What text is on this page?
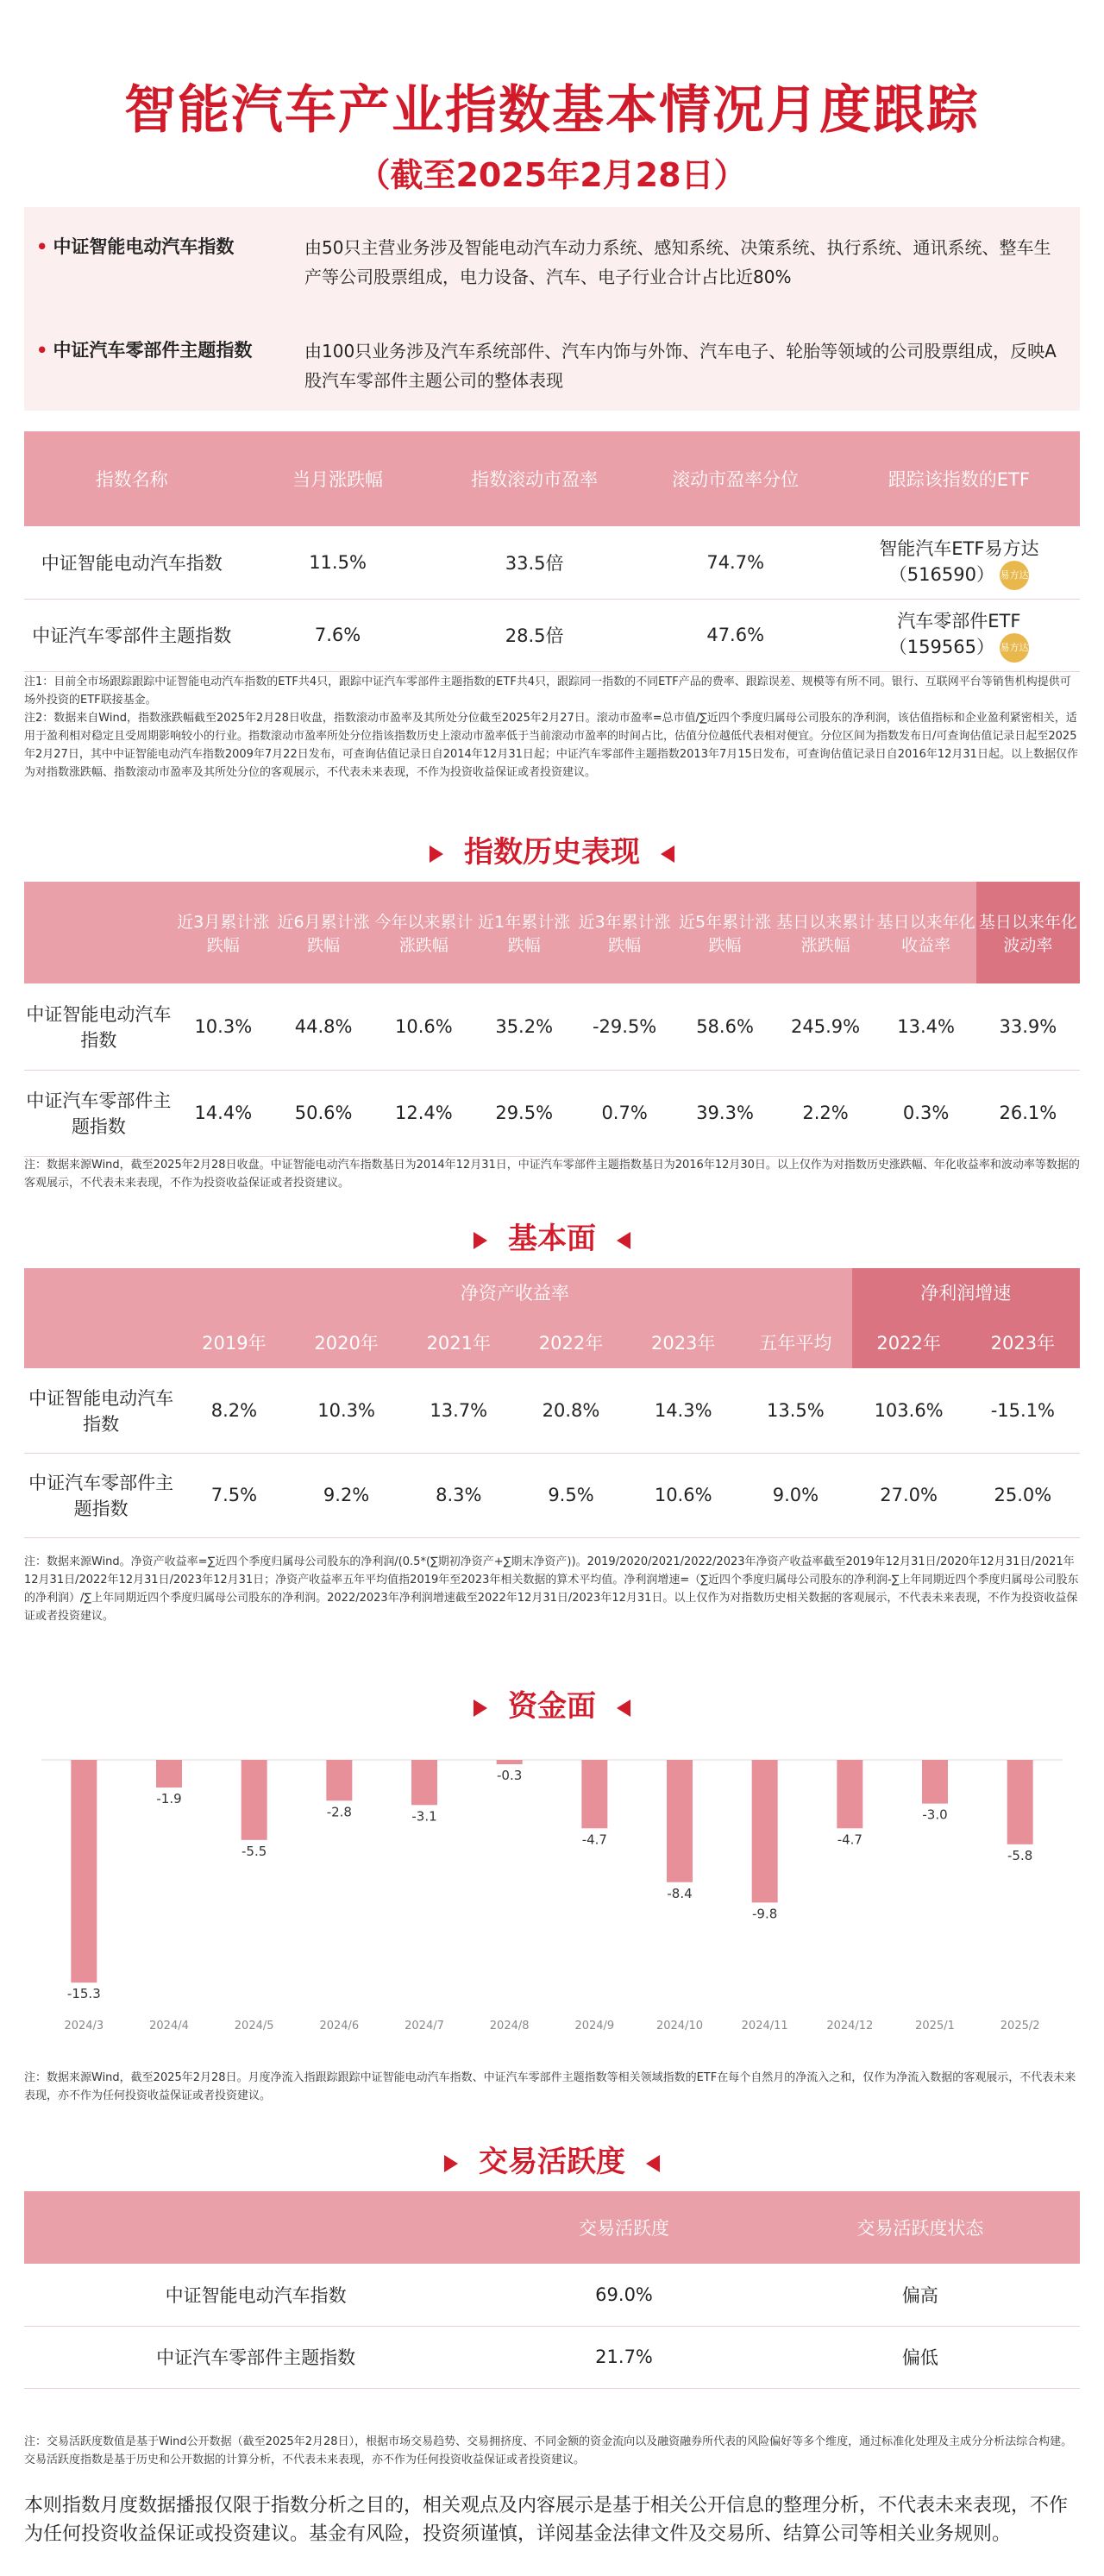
智能汽车产业指数基本情况月度跟踪
（截至2025年2月28日）
• 中证智能电动汽车指数	由50只主营业务涉及智能电动汽车动力系统、感知系统、决策系统、执行系统、通讯系统、整车生产等公司股票组成，电力设备、汽车、电子行业合计占比近80%
• 中证汽车零部件主题指数	由100只业务涉及汽车系统部件、汽车内饰与外饰、汽车电子、轮胎等领域的公司股票组成，反映A股汽车零部件主题公司的整体表现
指数名称	当月涨跌幅	指数滚动市盈率	滚动市盈率分位	跟踪该指数的ETF
中证智能电动汽车指数	11.5%	33.5倍	74.7%	智能汽车ETF易方达
（516590） 易方达

中证汽车零部件主题指数	7.6%	28.5倍	47.6%	汽车零部件ETF
（159565） 易方达
注1：目前全市场跟踪跟踪中证智能电动汽车指数的ETF共4只，跟踪中证汽车零部件主题指数的ETF共4只，跟踪同一指数的不同ETF产品的费率、跟踪误差、规模等有所不同。银行、互联网平台等销售机构提供可场外投资的ETF联接基金。
注2：数据来自Wind，指数涨跌幅截至2025年2月28日收盘，指数滚动市盈率及其所处分位截至2025年2月27日。滚动市盈率=总市值/∑近四个季度归属母公司股东的净利润，该估值指标和企业盈利紧密相关，适用于盈利相对稳定且受周期影响较小的行业。指数滚动市盈率所处分位指该指数历史上滚动市盈率低于当前滚动市盈率的时间占比，估值分位越低代表相对便宜。分位区间为指数发布日/可查询估值记录日起至2025年2月27日，其中中证智能电动汽车指数2009年7月22日发布，可查询估值记录日自2014年12月31日起；中证汽车零部件主题指数2013年7月15日发布，可查询估值记录日自2016年12月31日起。以上数据仅作为对指数涨跌幅、指数滚动市盈率及其所处分位的客观展示，不代表未来表现，不作为投资收益保证或者投资建议。
指数历史表现
	近3月累计涨跌幅	近6月累计涨跌幅	今年以来累计涨跌幅	近1年累计涨跌幅	近3年累计涨跌幅	近5年累计涨跌幅	基日以来累计涨跌幅	基日以来年化收益率	基日以来年化波动率
中证智能电动汽车指数	10.3%	44.8%	10.6%	35.2%	-29.5%	58.6%	245.9%	13.4%	33.9%
中证汽车零部件主题指数	14.4%	50.6%	12.4%	29.5%	0.7%	39.3%	2.2%	0.3%	26.1%
注：数据来源Wind，截至2025年2月28日收盘。中证智能电动汽车指数基日为2014年12月31日，中证汽车零部件主题指数基日为2016年12月30日。以上仅作为对指数历史涨跌幅、年化收益率和波动率等数据的客观展示，不代表未来表现，不作为投资收益保证或者投资建议。
基本面
	净资产收益率						净利润增速	
	2019年	2020年	2021年	2022年	2023年	五年平均	2022年	2023年
中证智能电动汽车指数	8.2%	10.3%	13.7%	20.8%	14.3%	13.5%	103.6%	-15.1%
中证汽车零部件主题指数	7.5%	9.2%	8.3%	9.5%	10.6%	9.0%	27.0%	25.0%
注：数据来源Wind。净资产收益率=∑近四个季度归属母公司股东的净利润/(0.5*(∑期初净资产+∑期末净资产))。2019/2020/2021/2022/2023年净资产收益率截至2019年12月31日/2020年12月31日/2021年12月31日/2022年12月31日/2023年12月31日；净资产收益率五年平均值指2019年至2023年相关数据的算术平均值。净利润增速=（∑近四个季度归属母公司股东的净利润-∑上年同期近四个季度归属母公司股东的净利润）/∑上年同期近四个季度归属母公司股东的净利润。2022/2023年净利润增速截至2022年12月31日/2023年12月31日。以上仅作为对指数历史相关数据的客观展示，不代表未来表现，不作为投资收益保证或者投资建议。
资金面
-15.3
2024/3
-1.9
2024/4
-5.5
2024/5
-2.8
2024/6
-3.1
2024/7
-0.3
2024/8
-4.7
2024/9
-8.4
2024/10
-9.8
2024/11
-4.7
2024/12
-3.0
2025/1
-5.8
2025/2
注：数据来源Wind，截至2025年2月28日。月度净流入指跟踪跟踪中证智能电动汽车指数、中证汽车零部件主题指数等相关领域指数的ETF在每个自然月的净流入之和，仅作为净流入数据的客观展示，不代表未来表现，亦不作为任何投资收益保证或者投资建议。
交易活跃度
	交易活跃度	交易活跃度状态
中证智能电动汽车指数	69.0%	偏高
中证汽车零部件主题指数	21.7%	偏低
注：交易活跃度数值是基于Wind公开数据（截至2025年2月28日），根据市场交易趋势、交易拥挤度、不同金额的资金流向以及融资融券所代表的风险偏好等多个维度，通过标准化处理及主成分分析法综合构建。交易活跃度指数是基于历史和公开数据的计算分析，不代表未来表现，亦不作为任何投资收益保证或者投资建议。
本则指数月度数据播报仅限于指数分析之目的，相关观点及内容展示是基于相关公开信息的整理分析，不代表未来表现，不作为任何投资收益保证或投资建议。基金有风险，投资须谨慎，详阅基金法律文件及交易所、结算公司等相关业务规则。
